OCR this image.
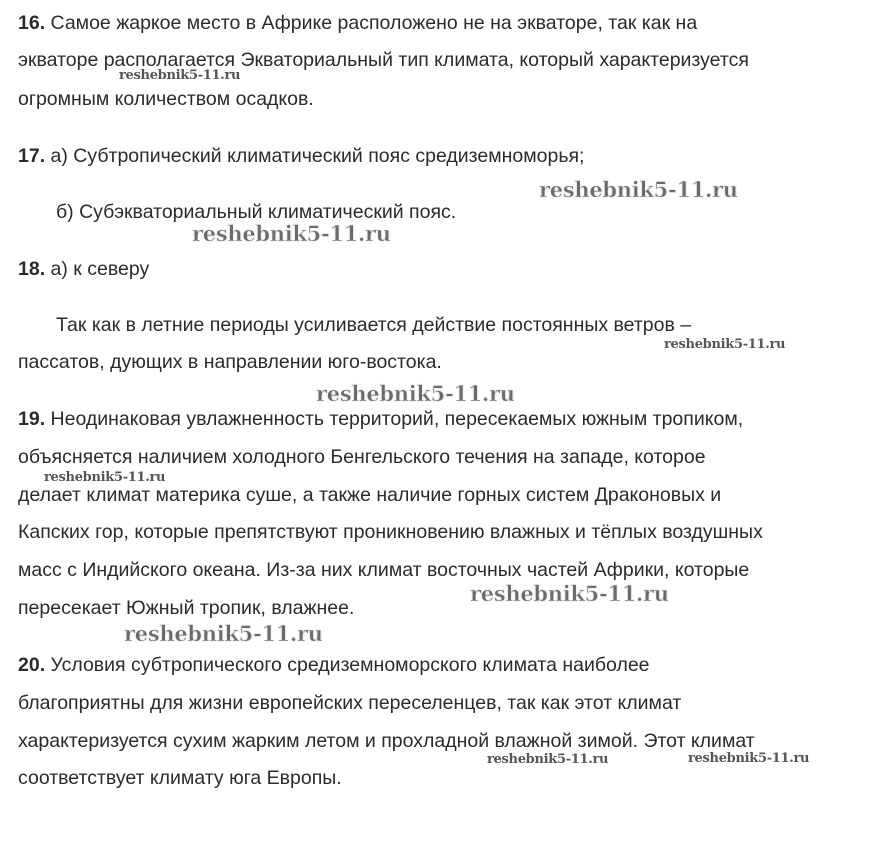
16. Самое жаркое место в Африке расположено не на экваторе, так как на
экваторе располагается Экваториальный тип климата, который характеризуется
огромным количеством осадков.
17. а) Субтропический климатический пояс средиземноморья;
б) Субэкваториальный климатический пояс.
18. а) к северу
Так как в летние периоды усиливается действие постоянных ветров –
пассатов, дующих в направлении юго-востока.
19. Неодинаковая увлажненность территорий, пересекаемых южным тропиком,
объясняется наличием холодного Бенгельского течения на западе, которое
делает климат материка суше, а также наличие горных систем Драконовых и
Капских гор, которые препятствуют проникновению влажных и тёплых воздушных
масс с Индийского океана. Из-за них климат восточных частей Африки, которые
пересекает Южный тропик, влажнее.
20. Условия субтропического средиземноморского климата наиболее
благоприятны для жизни европейских переселенцев, так как этот климат
характеризуется сухим жарким летом и прохладной влажной зимой. Этот климат
соответствует климату юга Европы.
reshebnik5-11.ru
reshebnik5-11.ru
reshebnik5-11.ru
reshebnik5-11.ru
reshebnik5-11.ru
reshebnik5-11.ru
reshebnik5-11.ru
reshebnik5-11.ru
reshebnik5-11.ru	reshebnik5-11.ru
